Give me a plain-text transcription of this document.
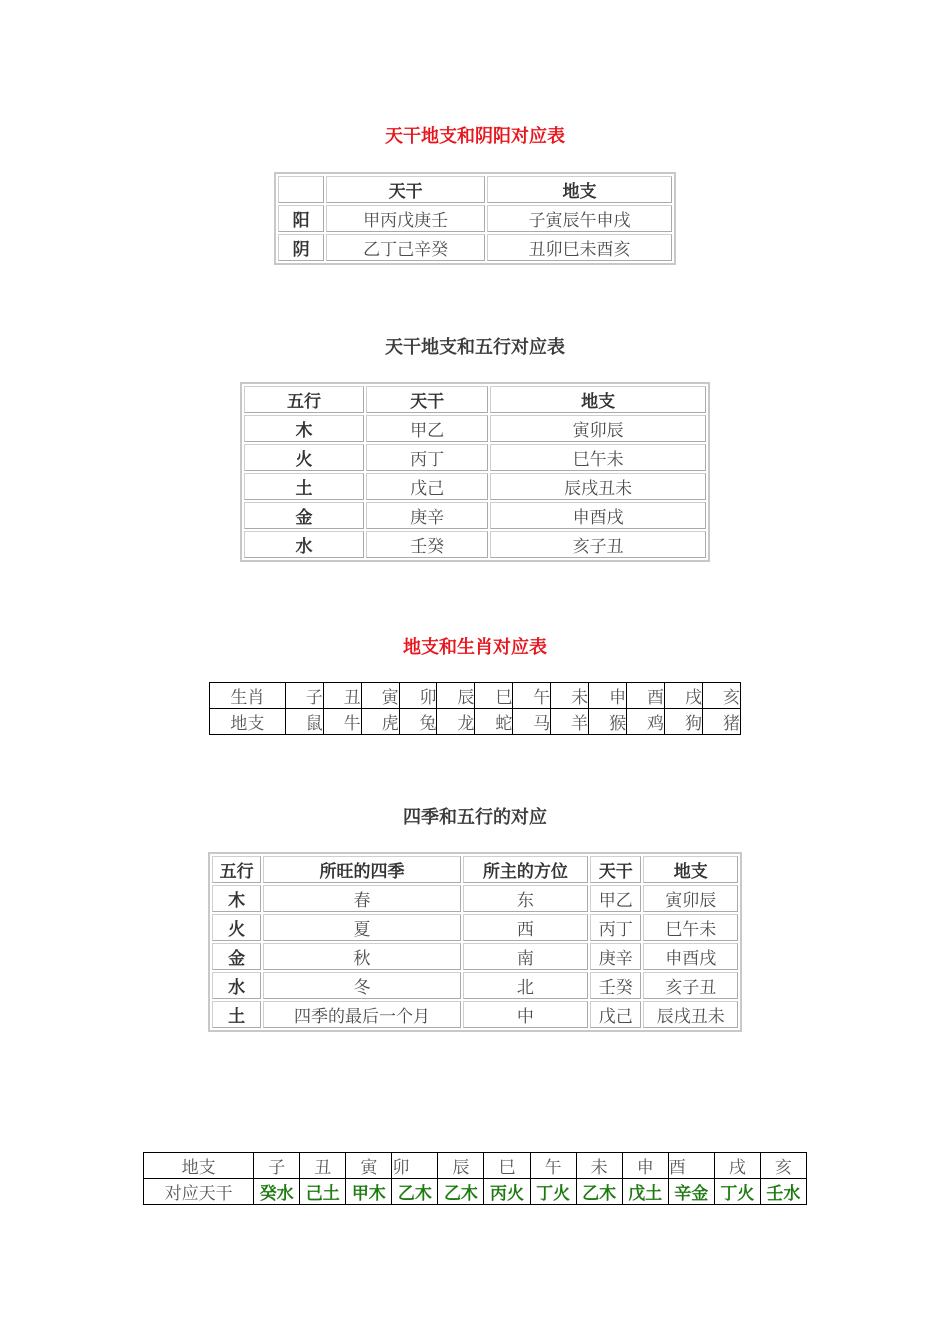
天干地支和阴阳对应表
	天干	地支
阳	甲丙戊庚壬	子寅辰午申戌
阴	乙丁己辛癸	丑卯巳未酉亥
天干地支和五行对应表
五行	天干	地支
木	甲乙	寅卯辰
火	丙丁	巳午未
土	戊己	辰戌丑未
金	庚辛	申酉戌
水	壬癸	亥子丑
地支和生肖对应表
生肖	子	丑	寅	卯	辰	巳	午	未	申	酉	戌	亥
地支	鼠	牛	虎	兔	龙	蛇	马	羊	猴	鸡	狗	猪
四季和五行的对应
五行	所旺的四季	所主的方位	天干	地支
木	春	东	甲乙	寅卯辰
火	夏	西	丙丁	巳午未
金	秋	南	庚辛	申酉戌
水	冬	北	壬癸	亥子丑
土	四季的最后一个月	中	戊己	辰戌丑未
地支	子	丑	寅	卯	辰	巳	午	未	申	酉	戌	亥
对应天干	癸水	己土	甲木	乙木	乙木	丙火	丁火	乙木	戊土	辛金	丁火	壬水
